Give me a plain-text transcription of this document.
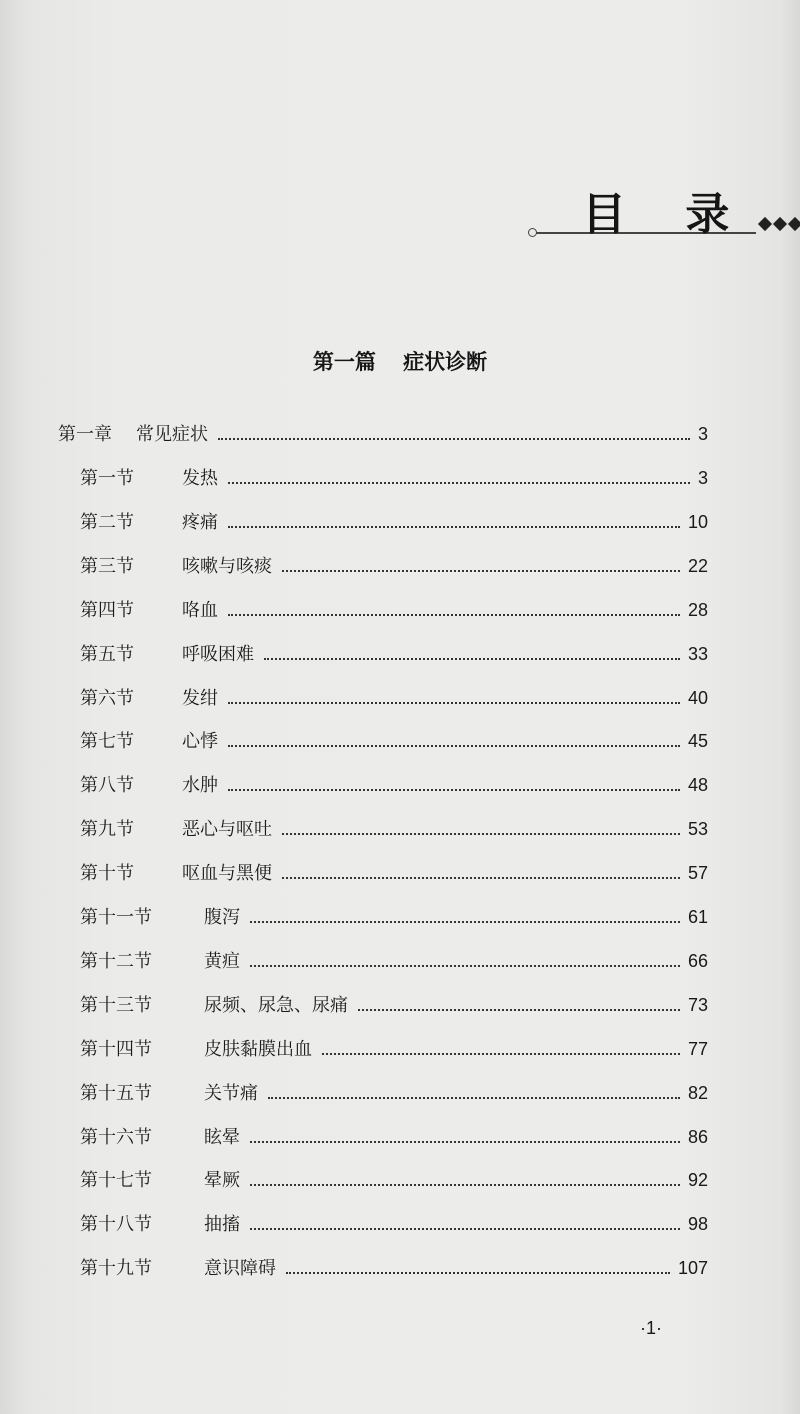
目 录
第一篇 症状诊断
第一章 常见症状	3
第一节	发热	3
第二节	疼痛	10
第三节	咳嗽与咳痰	22
第四节	咯血	28
第五节	呼吸困难	33
第六节	发绀	40
第七节	心悸	45
第八节	水肿	48
第九节	恶心与呕吐	53
第十节	呕血与黑便	57
第十一节	腹泻	61
第十二节	黄疸	66
第十三节	尿频、尿急、尿痛	73
第十四节	皮肤黏膜出血	77
第十五节	关节痛	82
第十六节	眩晕	86
第十七节	晕厥	92
第十八节	抽搐	98
第十九节	意识障碍	107
·1·
